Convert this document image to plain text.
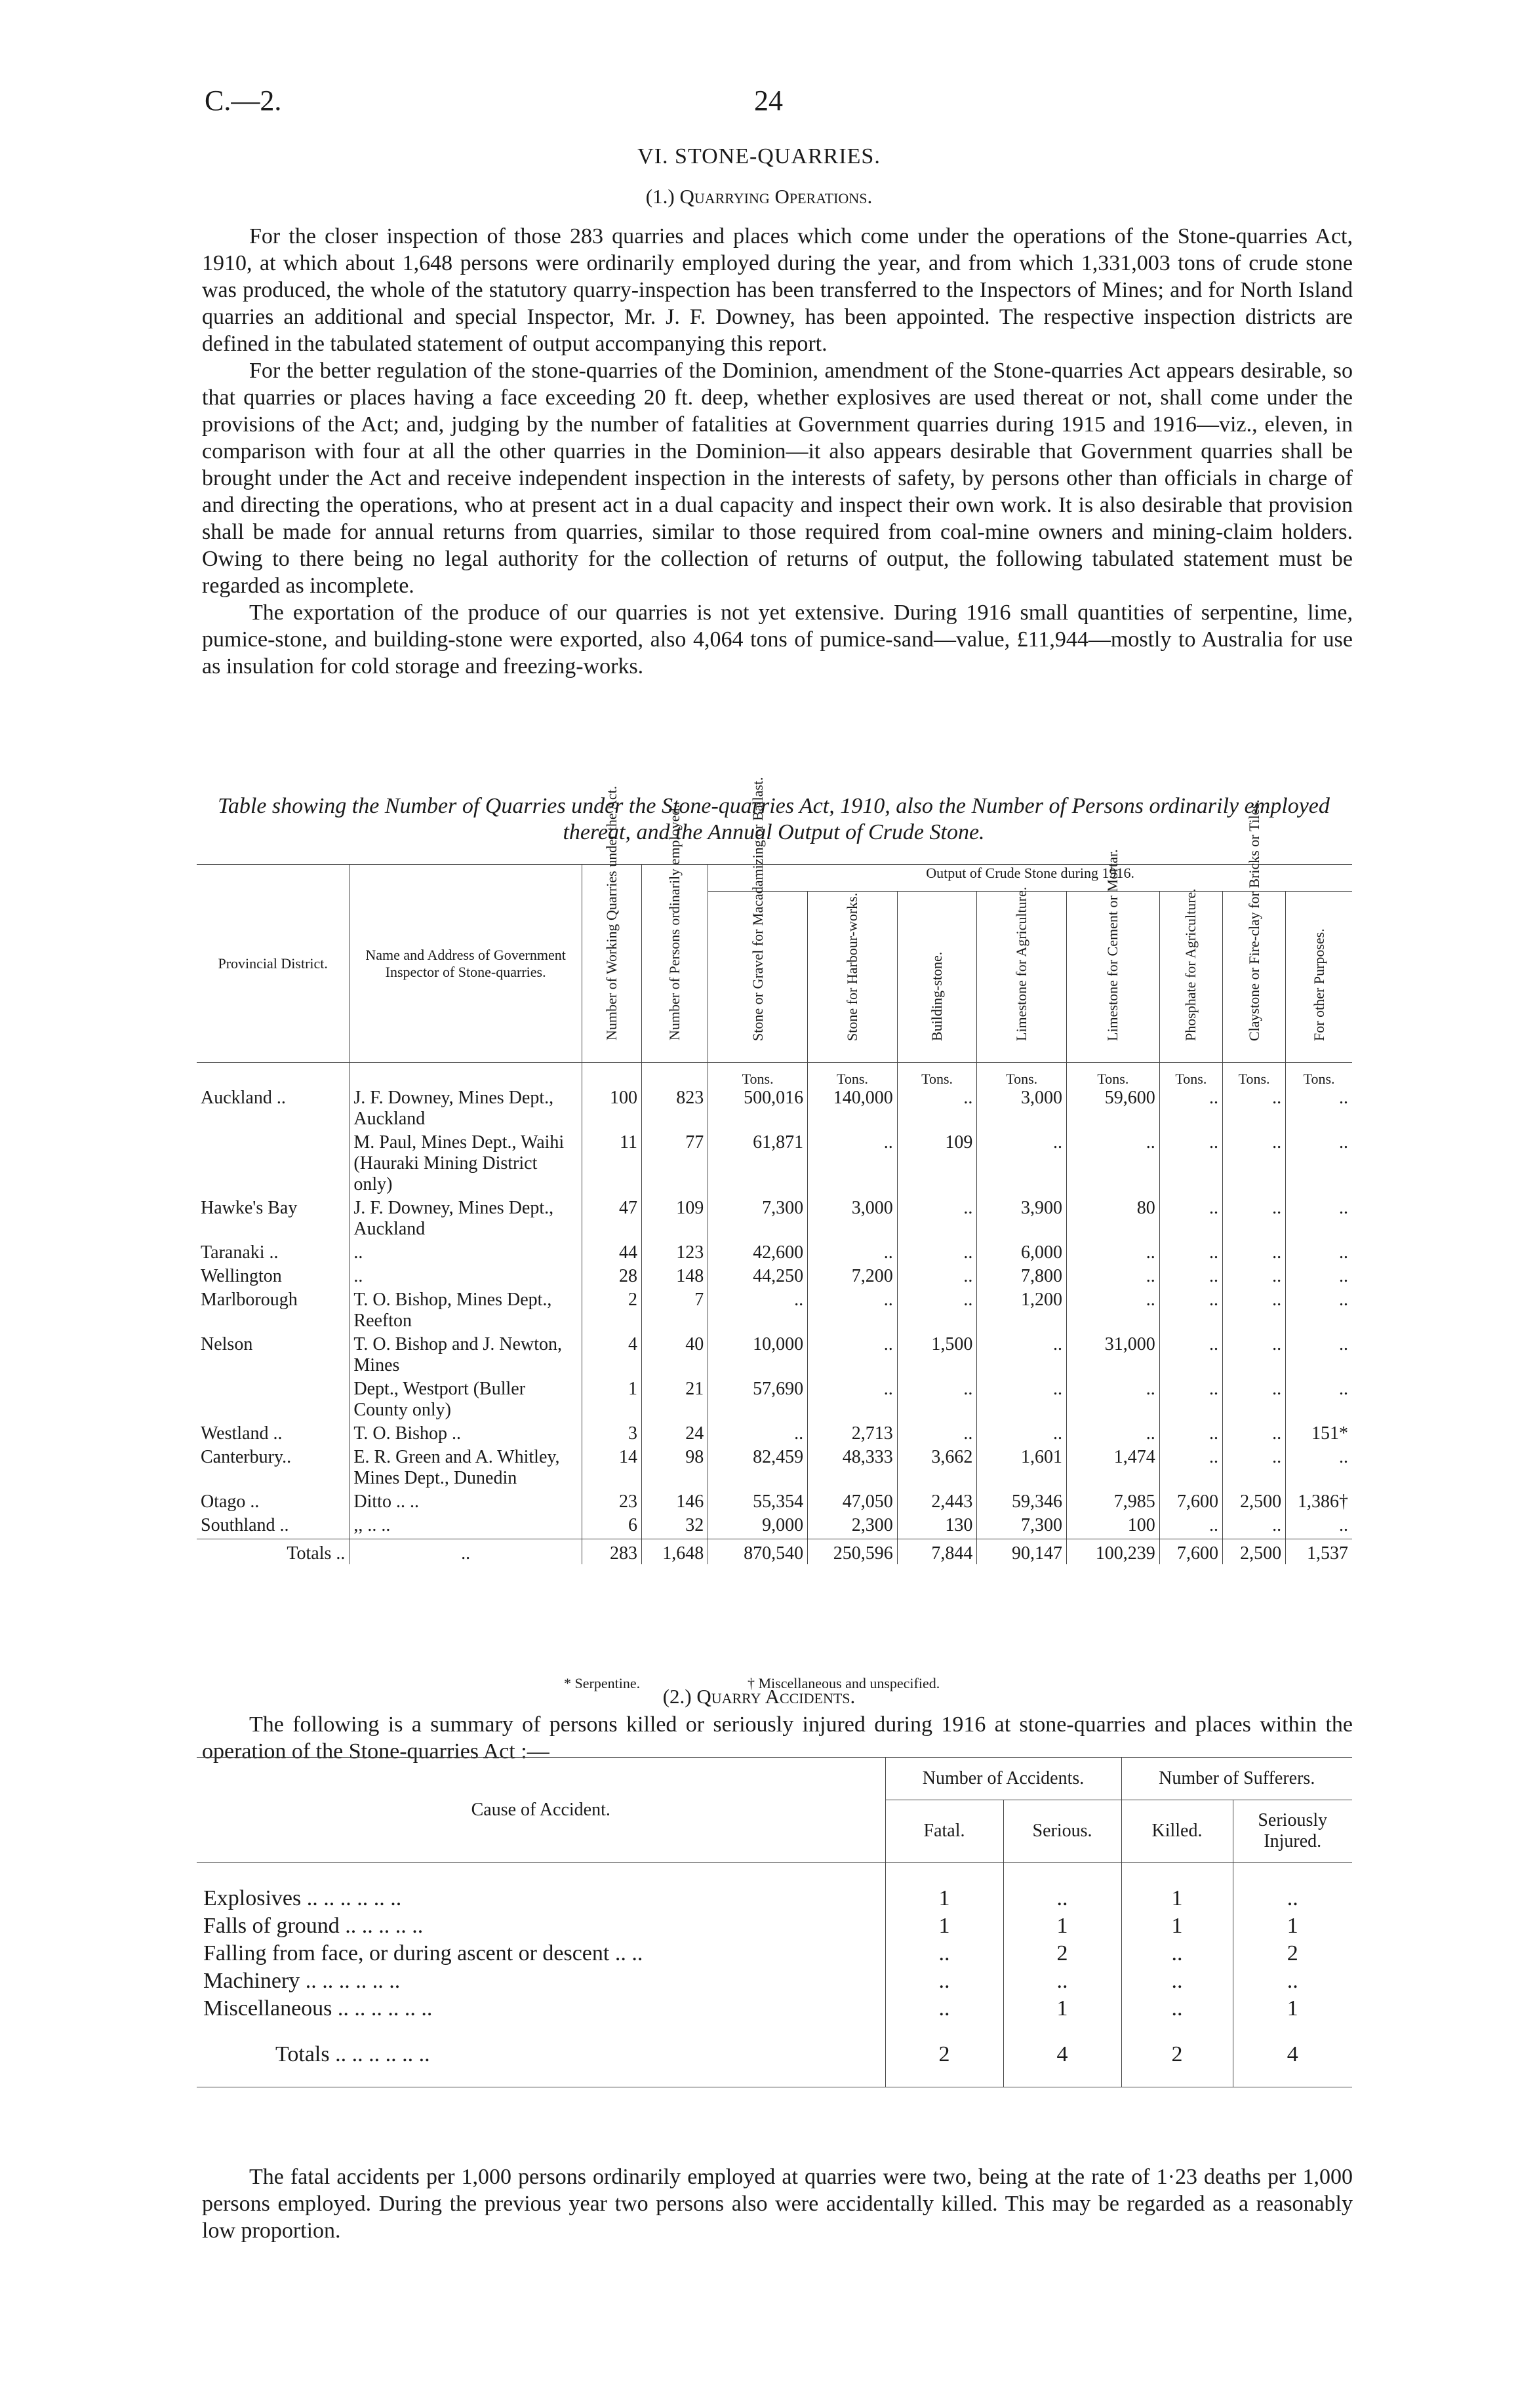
C.—2.	24
VI. STONE-QUARRIES.
(1.) Quarrying Operations.

For the closer inspection of those 283 quarries and places which come under the operations of the Stone-quarries Act, 1910, at which about 1,648 persons were ordinarily employed during the year, and from which 1,331,003 tons of crude stone was produced, the whole of the statutory quarry-inspection has been transferred to the Inspectors of Mines; and for North Island quarries an additional and special Inspector, Mr. J. F. Downey, has been appointed. The respective inspection districts are defined in the tabulated statement of output accompanying this report.

For the better regulation of the stone-quarries of the Dominion, amendment of the Stone-quarries Act appears desirable, so that quarries or places having a face exceeding 20 ft. deep, whether explosives are used thereat or not, shall come under the provisions of the Act; and, judging by the number of fatalities at Government quarries during 1915 and 1916—viz., eleven, in comparison with four at all the other quarries in the Dominion—it also appears desirable that Government quarries shall be brought under the Act and receive independent inspection in the interests of safety, by persons other than officials in charge of and directing the operations, who at present act in a dual capacity and inspect their own work. It is also desirable that provision shall be made for annual returns from quarries, similar to those required from coal-mine owners and mining-claim holders. Owing to there being no legal authority for the collection of returns of output, the following tabulated statement must be regarded as incomplete.

The exportation of the produce of our quarries is not yet extensive. During 1916 small quantities of serpentine, lime, pumice-stone, and building-stone were exported, also 4,064 tons of pumice-sand—value, £11,944—mostly to Australia for use as insulation for cold storage and freezing-works.

Table showing the Number of Quarries under the Stone-quarries Act, 1910, also the Number of Persons ordinarily employed thereat, and the Annual Output of Crude Stone.
Provincial District.	Name and Address of Government Inspector of Stone-quarries.	Number of Working Quarries under the Act.	Number of Persons ordinarily employed.	Output of Crude Stone during 1916.							

				Stone or Gravel for Macadamizing or Ballast.	Stone for Harbour-works.	Building-stone.	Limestone for Agriculture.	Limestone for Cement or Mortar.	Phosphate for Agriculture.	Claystone or Fire-clay for Bricks or Tiles.	For other Purposes.

				Tons.	Tons.	Tons.	Tons.	Tons.	Tons.	Tons.	Tons.
Auckland ..	J. F. Downey, Mines Dept., Auckland	100	823	500,016	140,000	..	3,000	59,600	..	..	..
	M. Paul, Mines Dept., Waihi (Hauraki Mining District only)	11	77	61,871	..	109	..	..	..	..	..
Hawke's Bay	J. F. Downey, Mines Dept., Auckland	47	109	7,300	3,000	..	3,900	80	..	..	..
Taranaki ..	..	44	123	42,600	..	..	6,000	..	..	..	..
Wellington	..	28	148	44,250	7,200	..	7,800	..	..	..	..
Marlborough	T. O. Bishop, Mines Dept., Reefton	2	7	..	..	..	1,200	..	..	..	..
Nelson	T. O. Bishop and J. Newton, Mines	4	40	10,000	..	1,500	..	31,000	..	..	..
	Dept., Westport (Buller County only)	1	21	57,690	..	..	..	..	..	..	..
Westland ..	T. O. Bishop ..	3	24	..	2,713	..	..	..	..	..	151*
Canterbury..	E. R. Green and A. Whitley, Mines Dept., Dunedin	14	98	82,459	48,333	3,662	1,601	1,474	..	..	..
Otago ..	Ditto .. ..	23	146	55,354	47,050	2,443	59,346	7,985	7,600	2,500	1,386†
Southland ..	,, .. ..	6	32	9,000	2,300	130	7,300	100	..	..	..
Totals ..	..	283	1,648	870,540	250,596	7,844	90,147	100,239	7,600	2,500	1,537
* Serpentine.	† Miscellaneous and unspecified.
(2.) Quarry Accidents.

The following is a summary of persons killed or seriously injured during 1916 at stone-quarries and places within the operation of the Stone-quarries Act :—

Cause of Accident.	Number of Accidents.		Number of Sufferers.	
	Fatal.	Serious.	Killed.	Seriously Injured.
Explosives .. .. .. .. .. ..	1	..	1	..
Falls of ground .. .. .. .. ..	1	1	1	1
Falling from face, or during ascent or descent .. ..	..	2	..	2
Machinery .. .. .. .. .. ..	..	..	..	..
Miscellaneous .. .. .. .. .. ..	..	1	..	1
Totals .. .. .. .. .. ..	2	4	2	4

The fatal accidents per 1,000 persons ordinarily employed at quarries were two, being at the rate of 1·23 deaths per 1,000 persons employed. During the previous year two persons also were accidentally killed. This may be regarded as a reasonably low proportion.
